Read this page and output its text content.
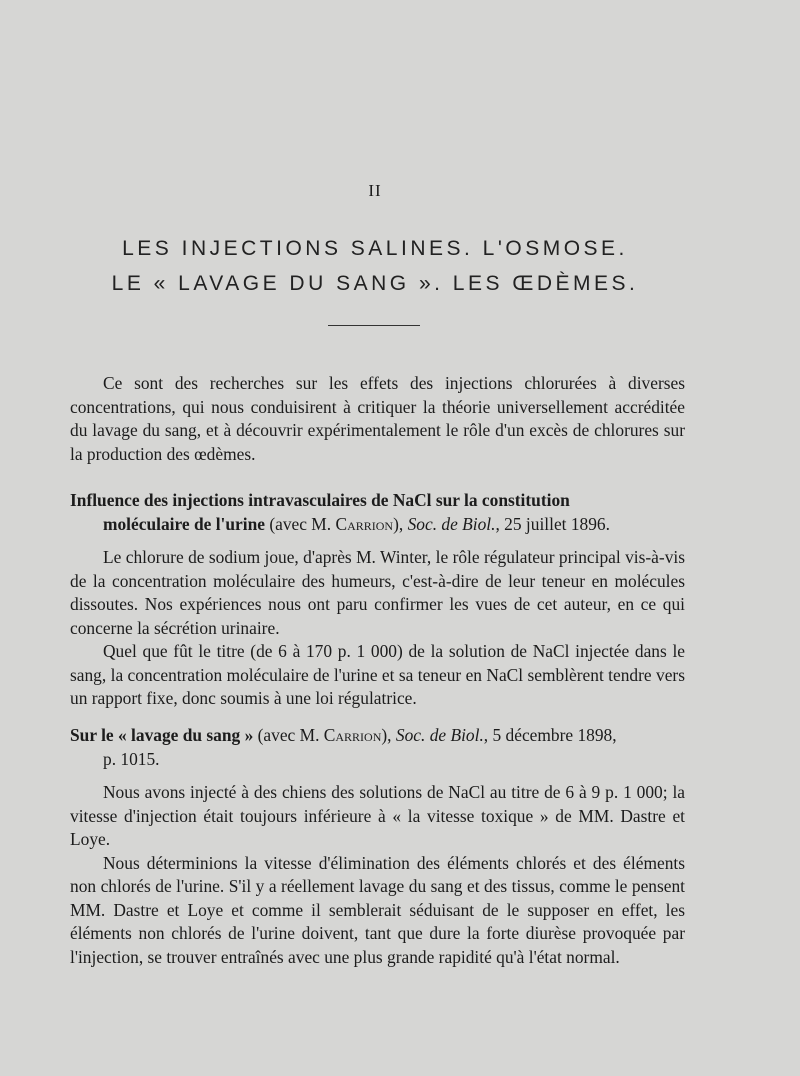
II
LES INJECTIONS SALINES. L'OSMOSE.
LE « LAVAGE DU SANG ». LES ŒDÈMES.

Ce sont des recherches sur les effets des injections chlorurées à diverses concentrations, qui nous conduisirent à critiquer la théorie universellement accréditée du lavage du sang, et à découvrir expérimentalement le rôle d'un excès de chlorures sur la production des œdèmes.

Influence des injections intravasculaires de NaCl sur la constitution
moléculaire de l'urine (avec M. Carrion), Soc. de Biol., 25 juillet 1896.

Le chlorure de sodium joue, d'après M. Winter, le rôle régulateur principal vis-à-vis de la concentration moléculaire des humeurs, c'est-à-dire de leur teneur en molécules dissoutes. Nos expériences nous ont paru confirmer les vues de cet auteur, en ce qui concerne la sécrétion urinaire.

Quel que fût le titre (de 6 à 170 p. 1 000) de la solution de NaCl injectée dans le sang, la concentration moléculaire de l'urine et sa teneur en NaCl semblèrent tendre vers un rapport fixe, donc soumis à une loi régulatrice.

Sur le « lavage du sang » (avec M. Carrion), Soc. de Biol., 5 décembre 1898,
p. 1015.

Nous avons injecté à des chiens des solutions de NaCl au titre de 6 à 9 p. 1 000; la vitesse d'injection était toujours inférieure à « la vitesse toxique » de MM. Dastre et Loye.

Nous déterminions la vitesse d'élimination des éléments chlorés et des éléments non chlorés de l'urine. S'il y a réellement lavage du sang et des tissus, comme le pensent MM. Dastre et Loye et comme il semblerait séduisant de le supposer en effet, les éléments non chlorés de l'urine doivent, tant que dure la forte diurèse provoquée par l'injection, se trouver entraînés avec une plus grande rapidité qu'à l'état normal.
